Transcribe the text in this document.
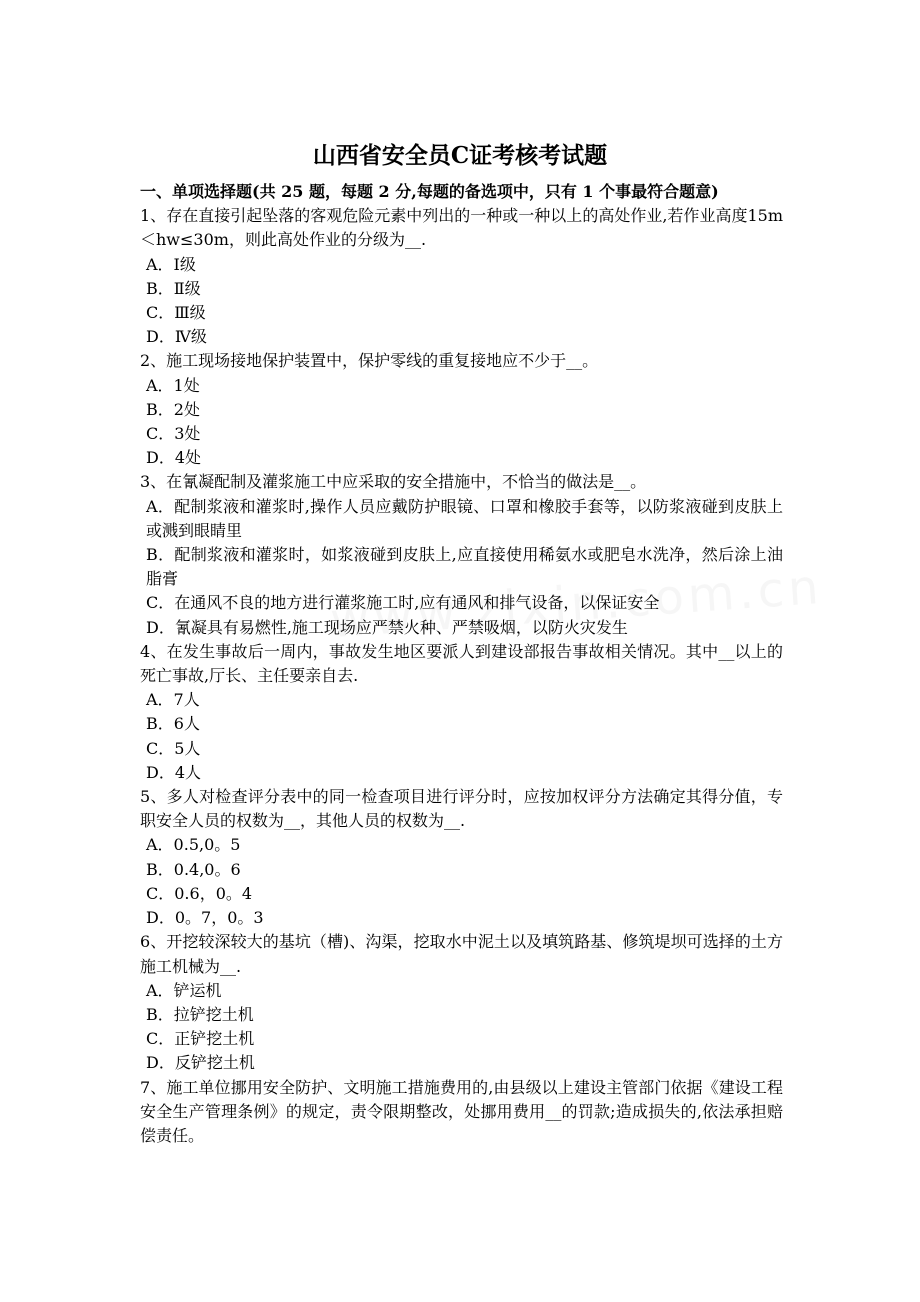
山西省安全员C证考核考试题
一、单项选择题(共 25 题，每题 2 分,每题的备选项中，只有 1 个事最符合题意)
1、存在直接引起坠落的客观危险元素中列出的一种或一种以上的高处作业,若作业高度15m＜hw≤30m，则此高处作业的分级为__.
A．Ⅰ级
B．Ⅱ级
C．Ⅲ级
D．Ⅳ级
2、施工现场接地保护装置中，保护零线的重复接地应不少于__。
A．1处
B．2处
C．3处
D．4处
3、在氰凝配制及灌浆施工中应采取的安全措施中，不恰当的做法是__。
A．配制浆液和灌浆时,操作人员应戴防护眼镜、口罩和橡胶手套等，以防浆液碰到皮肤上或溅到眼睛里
B．配制浆液和灌浆时，如浆液碰到皮肤上,应直接使用稀氨水或肥皂水洗净，然后涂上油脂膏
C．在通风不良的地方进行灌浆施工时,应有通风和排气设备，以保证安全
D．氰凝具有易燃性,施工现场应严禁火种、严禁吸烟，以防火灾发生
4、在发生事故后一周内，事故发生地区要派人到建设部报告事故相关情况。其中__以上的死亡事故,厅长、主任要亲自去.
A．7人
B．6人
C．5人
D．4人
5、多人对检查评分表中的同一检查项目进行评分时，应按加权评分方法确定其得分值，专职安全人员的权数为__，其他人员的权数为__.
A．0.5,0。5
B．0.4,0。6
C．0.6，0。4
D．0。7，0。3
6、开挖较深较大的基坑（槽)、沟渠，挖取水中泥土以及填筑路基、修筑堤坝可选择的土方施工机械为__.
A．铲运机
B．拉铲挖土机
C．正铲挖土机
D．反铲挖土机
7、施工单位挪用安全防护、文明施工措施费用的,由县级以上建设主管部门依据《建设工程安全生产管理条例》的规定，责令限期整改，处挪用费用__的罚款;造成损失的,依法承担赔偿责任。
